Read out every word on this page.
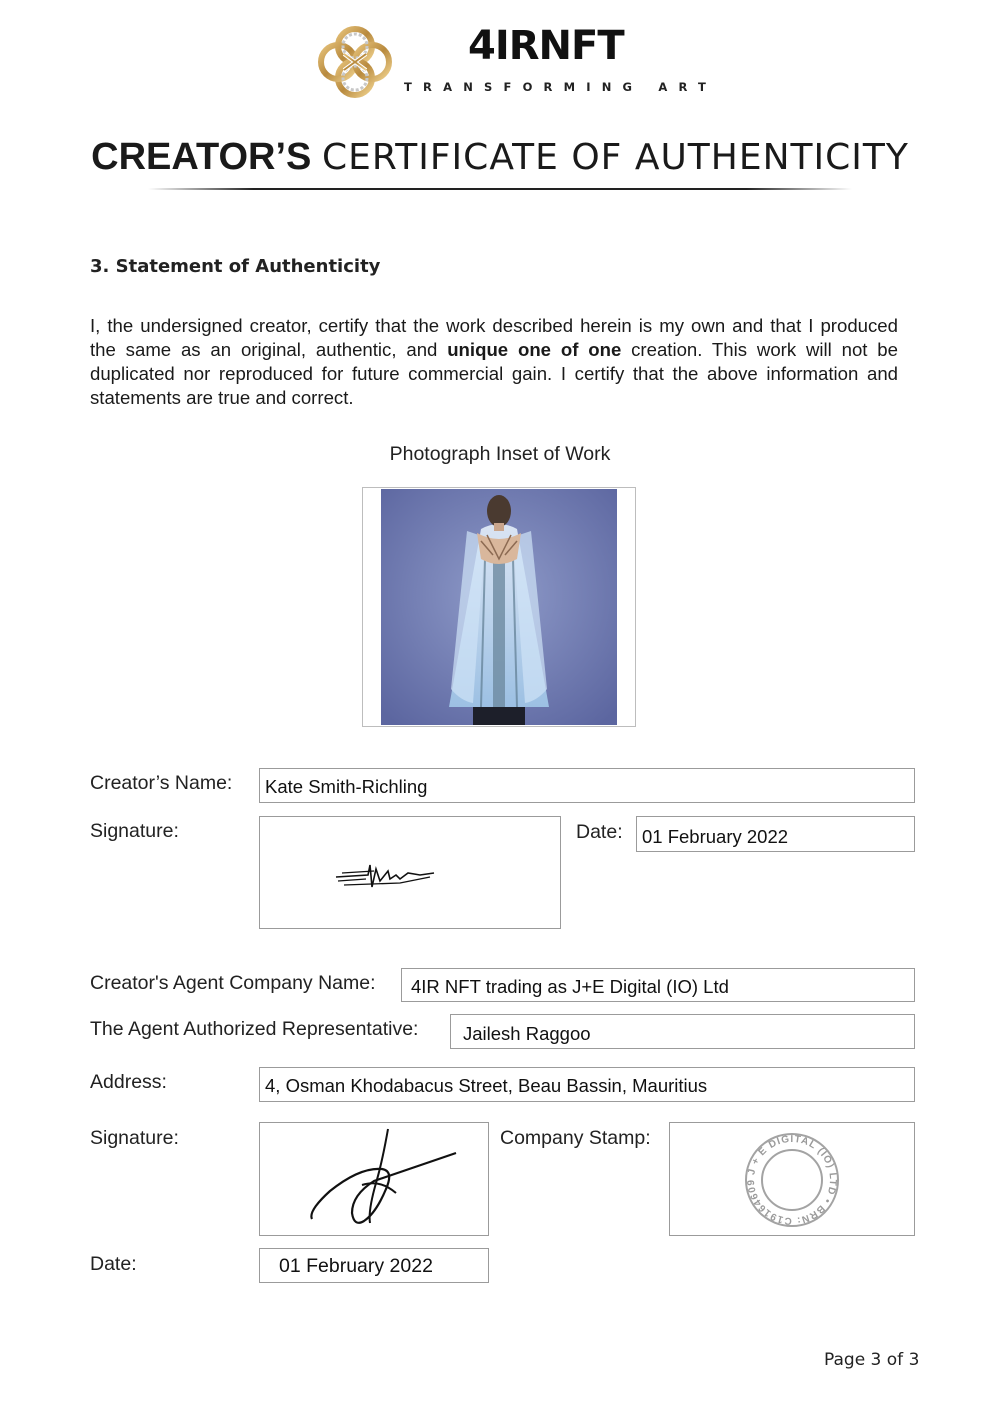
4IRNFT
TRANSFORMING ART
CREATOR’S CERTIFICATE OF AUTHENTICITY
3. Statement of Authenticity
I, the undersigned creator, certify that the work described herein is my own and that I produced the same as an original, authentic, and unique one of one creation. This work will not be duplicated nor reproduced for future commercial gain. I certify that the above information and statements are true and correct.
Photograph Inset of Work
Creator’s Name:	Kate Smith-Richling
Signature:	Date:	01 February 2022
Creator's Agent Company Name:	4IR NFT trading as J+E Digital (IO) Ltd
The Agent Authorized Representative:	Jailesh Raggoo
Address:	4, Osman Khodabacus Street, Beau Bassin, Mauritius
Signature:	Company Stamp:
J + E DIGITAL (IO) LTD • BRN: C19164609
Date:	01 February 2022
Page 3 of 3
